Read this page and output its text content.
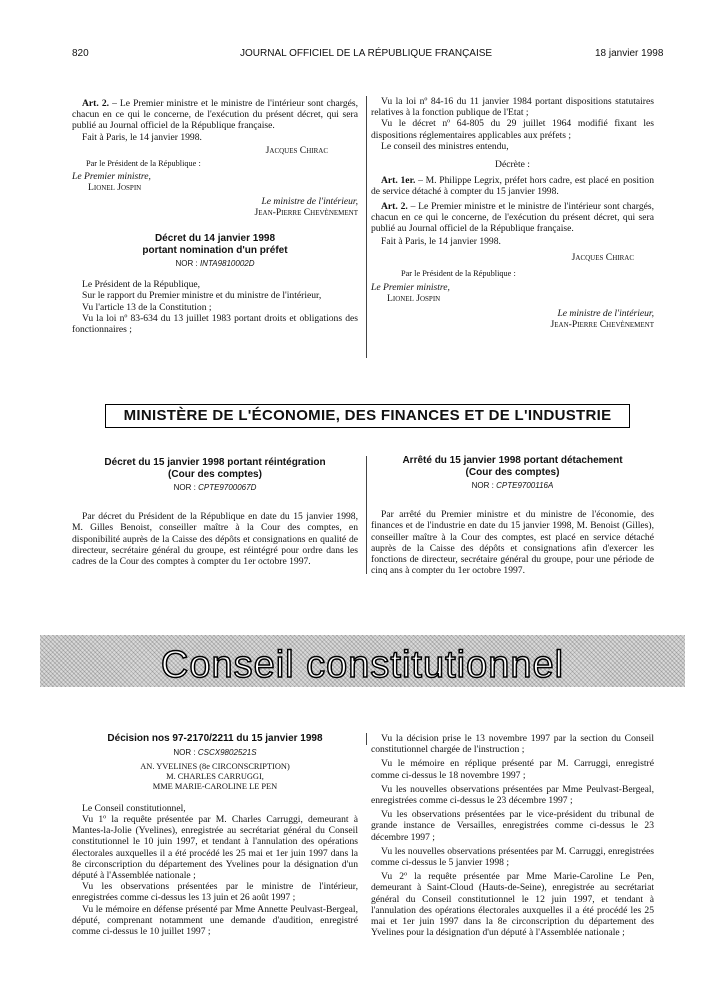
820	JOURNAL OFFICIEL DE LA RÉPUBLIQUE FRANÇAISE	18 janvier 1998

Art. 2. – Le Premier ministre et le ministre de l'intérieur sont chargés, chacun en ce qui le concerne, de l'exécution du présent décret, qui sera publié au Journal officiel de la République française.

Fait à Paris, le 14 janvier 1998.

Jacques Chirac
Par le Président de la République :
Le Premier ministre,
Lionel Jospin
Le ministre de l'intérieur,
Jean-Pierre Chevènement
Décret du 14 janvier 1998
portant nomination d'un préfet
NOR : INTA9810002D

Le Président de la République,

Sur le rapport du Premier ministre et du ministre de l'intérieur,

Vu l'article 13 de la Constitution ;

Vu la loi nº 83-634 du 13 juillet 1983 portant droits et obligations des fonctionnaires ;

Vu la loi nº 84-16 du 11 janvier 1984 portant dispositions statutaires relatives à la fonction publique de l'Etat ;

Vu le décret nº 64-805 du 29 juillet 1964 modifié fixant les dispositions réglementaires applicables aux préfets ;

Le conseil des ministres entendu,

Décrète :

Art. 1er. – M. Philippe Legrix, préfet hors cadre, est placé en position de service détaché à compter du 15 janvier 1998.

Art. 2. – Le Premier ministre et le ministre de l'intérieur sont chargés, chacun en ce qui le concerne, de l'exécution du présent décret, qui sera publié au Journal officiel de la République française.

Fait à Paris, le 14 janvier 1998.

Jacques Chirac
Par le Président de la République :
Le Premier ministre,
Lionel Jospin
Le ministre de l'intérieur,
Jean-Pierre Chevènement
MINISTÈRE DE L'ÉCONOMIE, DES FINANCES ET DE L'INDUSTRIE
Décret du 15 janvier 1998 portant réintégration
(Cour des comptes)
NOR : CPTE9700067D

Par décret du Président de la République en date du 15 janvier 1998, M. Gilles Benoist, conseiller maître à la Cour des comptes, en disponibilité auprès de la Caisse des dépôts et consignations en qualité de directeur, secrétaire général du groupe, est réintégré pour ordre dans les cadres de la Cour des comptes à compter du 1er octobre 1997.

Arrêté du 15 janvier 1998 portant détachement
(Cour des comptes)
NOR : CPTE9700116A

Par arrêté du Premier ministre et du ministre de l'économie, des finances et de l'industrie en date du 15 janvier 1998, M. Benoist (Gilles), conseiller maître à la Cour des comptes, est placé en service détaché auprès de la Caisse des dépôts et consignations afin d'exercer les fonctions de directeur, secrétaire général du groupe, pour une période de cinq ans à compter du 1er octobre 1997.

Conseil constitutionnel
Décision nos 97-2170/2211 du 15 janvier 1998
NOR : CSCX9802521S
AN. YVELINES (8e CIRCONSCRIPTION)
M. CHARLES CARRUGGI,
MME MARIE-CAROLINE LE PEN

Le Conseil constitutionnel,

Vu 1º la requête présentée par M. Charles Carruggi, demeurant à Mantes-la-Jolie (Yvelines), enregistrée au secrétariat général du Conseil constitutionnel le 10 juin 1997, et tendant à l'annulation des opérations électorales auxquelles il a été procédé les 25 mai et 1er juin 1997 dans la 8e circonscription du département des Yvelines pour la désignation d'un député à l'Assemblée nationale ;

Vu les observations présentées par le ministre de l'intérieur, enregistrées comme ci-dessus les 13 juin et 26 août 1997 ;

Vu le mémoire en défense présenté par Mme Annette Peulvast-Bergeal, député, comprenant notamment une demande d'audition, enregistré comme ci-dessus le 10 juillet 1997 ;

Vu la décision prise le 13 novembre 1997 par la section du Conseil constitutionnel chargée de l'instruction ;

Vu le mémoire en réplique présenté par M. Carruggi, enregistré comme ci-dessus le 18 novembre 1997 ;

Vu les nouvelles observations présentées par Mme Peulvast-Bergeal, enregistrées comme ci-dessus le 23 décembre 1997 ;

Vu les observations présentées par le vice-président du tribunal de grande instance de Versailles, enregistrées comme ci-dessus le 23 décembre 1997 ;

Vu les nouvelles observations présentées par M. Carruggi, enregistrées comme ci-dessus le 5 janvier 1998 ;

Vu 2º la requête présentée par Mme Marie-Caroline Le Pen, demeurant à Saint-Cloud (Hauts-de-Seine), enregistrée au secrétariat général du Conseil constitutionnel le 12 juin 1997, et tendant à l'annulation des opérations électorales auxquelles il a été procédé les 25 mai et 1er juin 1997 dans la 8e circonscription du département des Yvelines pour la désignation d'un député à l'Assemblée nationale ;
